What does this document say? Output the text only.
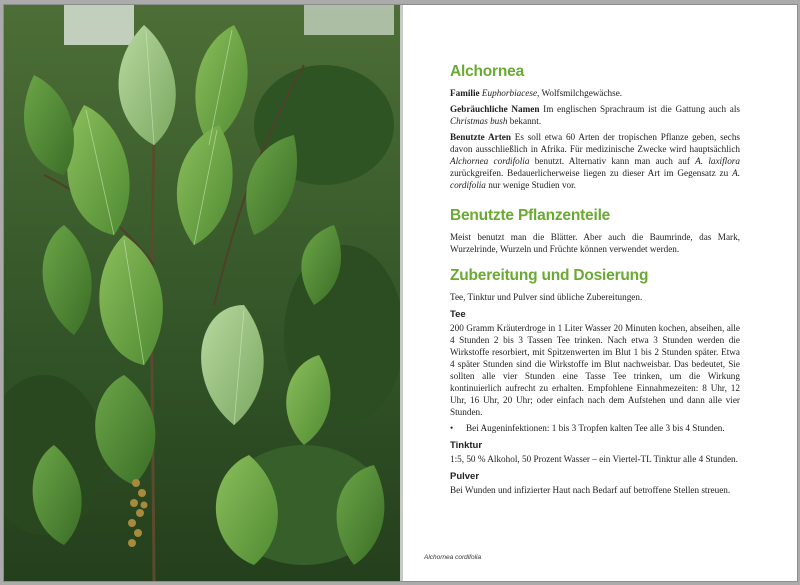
Alchornea

Familie Euphorbiacese, Wolfsmilchgewächse.

Gebräuchliche Namen Im englischen Sprachraum ist die Gattung auch als Christmas bush bekannt.

Benutzte Arten Es soll etwa 60 Arten der tropischen Pflanze geben, sechs davon ausschließlich in Afrika. Für medizinische Zwecke wird hauptsächlich Alchornea cordifolia benutzt. Alternativ kann man auch auf A. laxiflora zurückgreifen. Bedauerlicherweise liegen zu dieser Art im Gegensatz zu A. cordifolia nur wenige Studien vor.

Benutzte Pflanzenteile

Meist benutzt man die Blätter. Aber auch die Baumrinde, das Mark, Wurzelrinde, Wurzeln und Früchte können verwendet werden.

Zubereitung und Dosierung

Tee, Tinktur und Pulver sind übliche Zubereitungen.

Tee

200 Gramm Kräuterdroge in 1 Liter Wasser 20 Minuten kochen, abseihen, alle 4 Stunden 2 bis 3 Tassen Tee trinken. Nach etwa 3 Stunden werden die Wirkstoffe resorbiert, mit Spitzenwerten im Blut 1 bis 2 Stunden später. Etwa 4 später Stunden sind die Wirkstoffe im Blut nachweisbar. Das bedeutet, Sie sollten alle vier Stunden eine Tasse Tee trinken, um die Wirkung kontinuierlich aufrecht zu erhalten. Empfohlene Einnahmezeiten: 8 Uhr, 12 Uhr, 16 Uhr, 20 Uhr; oder einfach nach dem Aufstehen und dann alle vier Stunden.

•	Bei Augeninfektionen: 1 bis 3 Tropfen kalten Tee alle 3 bis 4 Stunden.
Tinktur

1:5, 50 % Alkohol, 50 Prozent Wasser – ein Viertel-TL Tinktur alle 4 Stunden.

Pulver

Bei Wunden und infizierter Haut nach Bedarf auf betroffene Stellen streuen.

Alchornea cordifolia
